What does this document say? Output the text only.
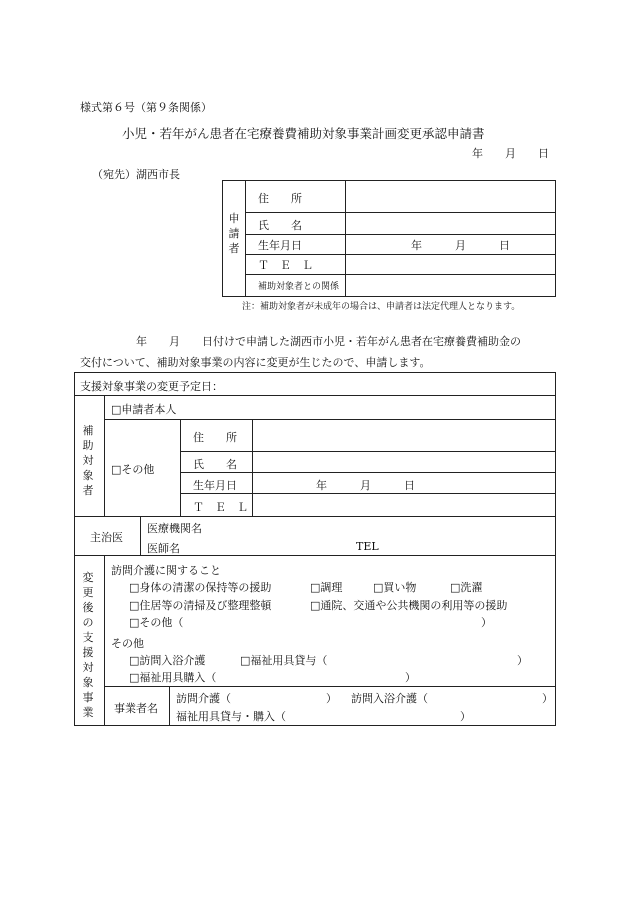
様式第６号（第９条関係）
小児・若年がん患者在宅療養費補助対象事業計画変更承認申請書
年　　月　　日
（宛先）湖西市長
申請者
住　　所
氏　　名
生年月日	年　　　月　　　日
Ｔ　Ｅ　Ｌ
補助対象者との関係
注：補助対象者が未成年の場合は、申請者は法定代理人となります。
年　　月　　日付けで申請した湖西市小児・若年がん患者在宅療養費補助金の
交付について、補助対象事業の内容に変更が生じたので、申請します。
支援対象事業の変更予定日：
補助対象者
□申請者本人
□その他
住　　所
氏　　名
生年月日	年　　　月　　　日
Ｔ　Ｅ　Ｌ
主治医
医療機関名
医師名	TEL
変更後の支援対象事業
訪問介護に関すること
□身体の清潔の保持等の援助	□調理	□買い物	□洗濯
□住居等の清掃及び整理整頓	□通院、交通や公共機関の利用等の援助
□その他（	）
その他
□訪問入浴介護	□福祉用具貸与（	）
□福祉用具購入（	）
事業者名
訪問介護（	） 訪問入浴介護（	）
福祉用具貸与・購入（	）
